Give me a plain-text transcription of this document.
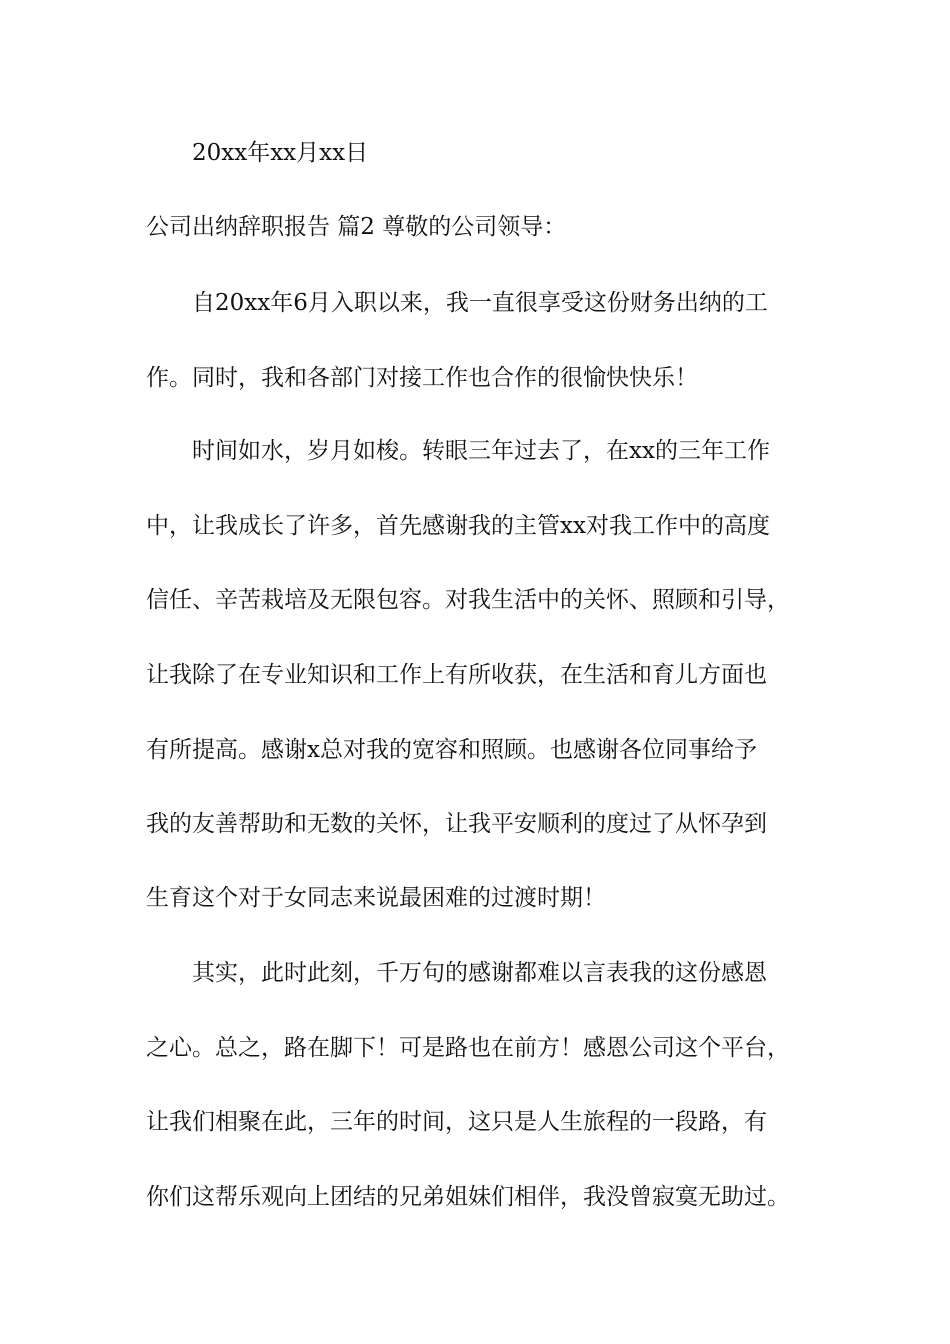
20xx年xx月xx日
公司出纳辞职报告 篇2 尊敬的公司领导：
自20xx年6月入职以来，我一直很享受这份财务出纳的工
作。同时，我和各部门对接工作也合作的很愉快快乐！
时间如水，岁月如梭。转眼三年过去了，在xx的三年工作
中，让我成长了许多，首先感谢我的主管xx对我工作中的高度
信任、辛苦栽培及无限包容。对我生活中的关怀、照顾和引导，
让我除了在专业知识和工作上有所收获，在生活和育儿方面也
有所提高。感谢x总对我的宽容和照顾。也感谢各位同事给予
我的友善帮助和无数的关怀，让我平安顺利的度过了从怀孕到
生育这个对于女同志来说最困难的过渡时期！
其实，此时此刻，千万句的感谢都难以言表我的这份感恩
之心。总之，路在脚下！可是路也在前方！感恩公司这个平台，
让我们相聚在此，三年的时间，这只是人生旅程的一段路，有
你们这帮乐观向上团结的兄弟姐妹们相伴，我没曾寂寞无助过。
